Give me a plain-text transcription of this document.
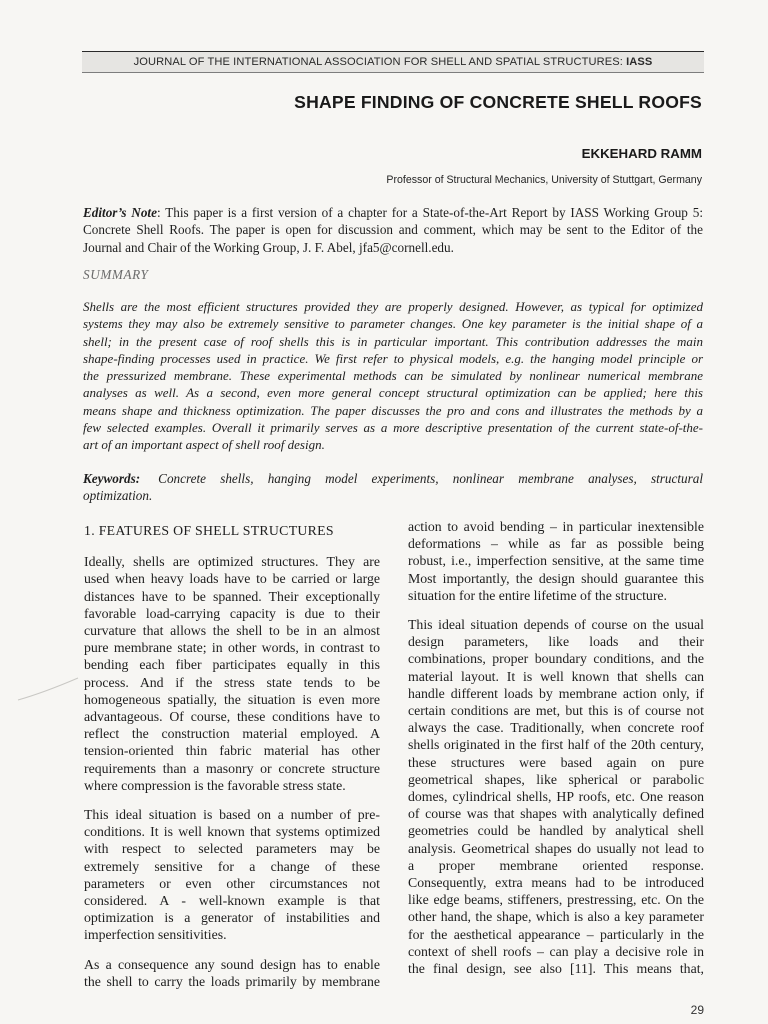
JOURNAL OF THE INTERNATIONAL ASSOCIATION FOR SHELL AND SPATIAL STRUCTURES: IASS
SHAPE FINDING OF CONCRETE SHELL ROOFS
EKKEHARD RAMM
Professor of Structural Mechanics, University of Stuttgart, Germany
Editor’s Note: This paper is a first version of a chapter for a State-of-the-Art Report by IASS Working Group 5:
Concrete Shell Roofs. The paper is open for discussion and comment, which may be sent to the Editor of the
Journal and Chair of the Working Group, J. F. Abel, jfa5@cornell.edu.
SUMMARY
Shells are the most efficient structures provided they are properly designed. However, as typical for optimized
systems they may also be extremely sensitive to parameter changes. One key parameter is the initial shape of a
shell; in the present case of roof shells this is in particular important. This contribution addresses the main
shape-finding processes used in practice. We first refer to physical models, e.g. the hanging model principle or
the pressurized membrane. These experimental methods can be simulated by nonlinear numerical membrane
analyses as well. As a second, even more general concept structural optimization can be applied; here this
means shape and thickness optimization. The paper discusses the pro and cons and illustrates the methods by a
few selected examples. Overall it primarily serves as a more descriptive presentation of the current state-of-the-
art of an important aspect of shell roof design.
Keywords: Concrete shells, hanging model experiments, nonlinear membrane analyses, structural
optimization.
1. FEATURES OF SHELL STRUCTURES

Ideally, shells are optimized structures. They are
used when heavy loads have to be carried or large
distances have to be spanned. Their exceptionally
favorable load-carrying capacity is due to their
curvature that allows the shell to be in an almost
pure membrane state; in other words, in contrast to
bending each fiber participates equally in this
process. And if the stress state tends to be
homogeneous spatially, the situation is even more
advantageous. Of course, these conditions have to
reflect the construction material employed. A
tension-oriented thin fabric material has other
requirements than a masonry or concrete structure
where compression is the favorable stress state.

This ideal situation is based on a number of pre-
conditions. It is well known that systems optimized
with respect to selected parameters may be
extremely sensitive for a change of these
parameters or even other circumstances not
considered. A - well-known example is that
optimization is a generator of instabilities and
imperfection sensitivities.

As a consequence any sound design has to enable
the shell to carry the loads primarily by membrane

action to avoid bending – in particular inextensible
deformations – while as far as possible being
robust, i.e., imperfection sensitive, at the same time
Most importantly, the design should guarantee this
situation for the entire lifetime of the structure.

This ideal situation depends of course on the usual
design parameters, like loads and their
combinations, proper boundary conditions, and the
material layout. It is well known that shells can
handle different loads by membrane action only, if
certain conditions are met, but this is of course not
always the case. Traditionally, when concrete roof
shells originated in the first half of the 20th century,
these structures were based again on pure
geometrical shapes, like spherical or parabolic
domes, cylindrical shells, HP roofs, etc. One reason
of course was that shapes with analytically defined
geometries could be handled by analytical shell
analysis. Geometrical shapes do usually not lead to
a proper membrane oriented response.
Consequently, extra means had to be introduced
like edge beams, stiffeners, prestressing, etc. On the
other hand, the shape, which is also a key parameter
for the aesthetical appearance – particularly in the
context of shell roofs – can play a decisive role in
the final design, see also [11]. This means that,

29
